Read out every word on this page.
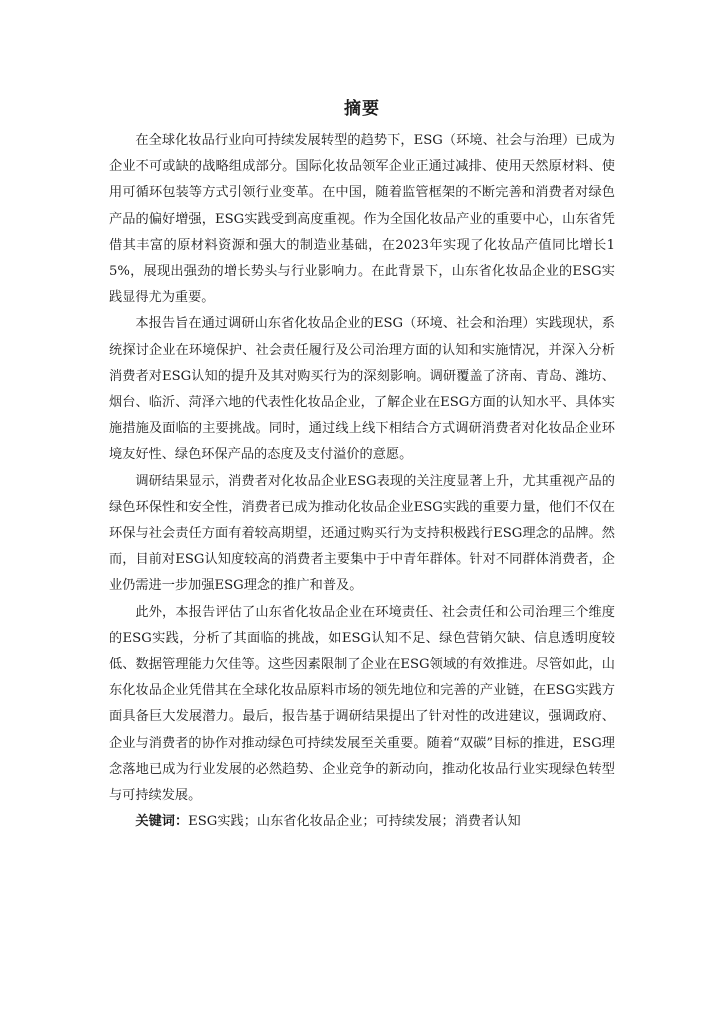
摘要

在全球化妆品行业向可持续发展转型的趋势下，ESG（环境、社会与治理）已成为企业不可或缺的战略组成部分。国际化妆品领军企业正通过减排、使用天然原材料、使用可循环包装等方式引领行业变革。在中国，随着监管框架的不断完善和消费者对绿色产品的偏好增强，ESG实践受到高度重视。作为全国化妆品产业的重要中心，山东省凭借其丰富的原材料资源和强大的制造业基础，在2023年实现了化妆品产值同比增长15%，展现出强劲的增长势头与行业影响力。在此背景下，山东省化妆品企业的ESG实践显得尤为重要。

本报告旨在通过调研山东省化妆品企业的ESG（环境、社会和治理）实践现状，系统探讨企业在环境保护、社会责任履行及公司治理方面的认知和实施情况，并深入分析消费者对ESG认知的提升及其对购买行为的深刻影响。调研覆盖了济南、青岛、潍坊、烟台、临沂、菏泽六地的代表性化妆品企业，了解企业在ESG方面的认知水平、具体实施措施及面临的主要挑战。同时，通过线上线下相结合方式调研消费者对化妆品企业环境友好性、绿色环保产品的态度及支付溢价的意愿。

调研结果显示，消费者对化妆品企业ESG表现的关注度显著上升，尤其重视产品的绿色环保性和安全性，消费者已成为推动化妆品企业ESG实践的重要力量，他们不仅在环保与社会责任方面有着较高期望，还通过购买行为支持积极践行ESG理念的品牌。然而，目前对ESG认知度较高的消费者主要集中于中青年群体。针对不同群体消费者，企业仍需进一步加强ESG理念的推广和普及。

此外，本报告评估了山东省化妆品企业在环境责任、社会责任和公司治理三个维度的ESG实践，分析了其面临的挑战，如ESG认知不足、绿色营销欠缺、信息透明度较低、数据管理能力欠佳等。这些因素限制了企业在ESG领域的有效推进。尽管如此，山东化妆品企业凭借其在全球化妆品原料市场的领先地位和完善的产业链，在ESG实践方面具备巨大发展潜力。最后，报告基于调研结果提出了针对性的改进建议，强调政府、企业与消费者的协作对推动绿色可持续发展至关重要。随着“双碳”目标的推进，ESG理念落地已成为行业发展的必然趋势、企业竞争的新动向，推动化妆品行业实现绿色转型与可持续发展。

关键词：ESG实践；山东省化妆品企业；可持续发展；消费者认知
